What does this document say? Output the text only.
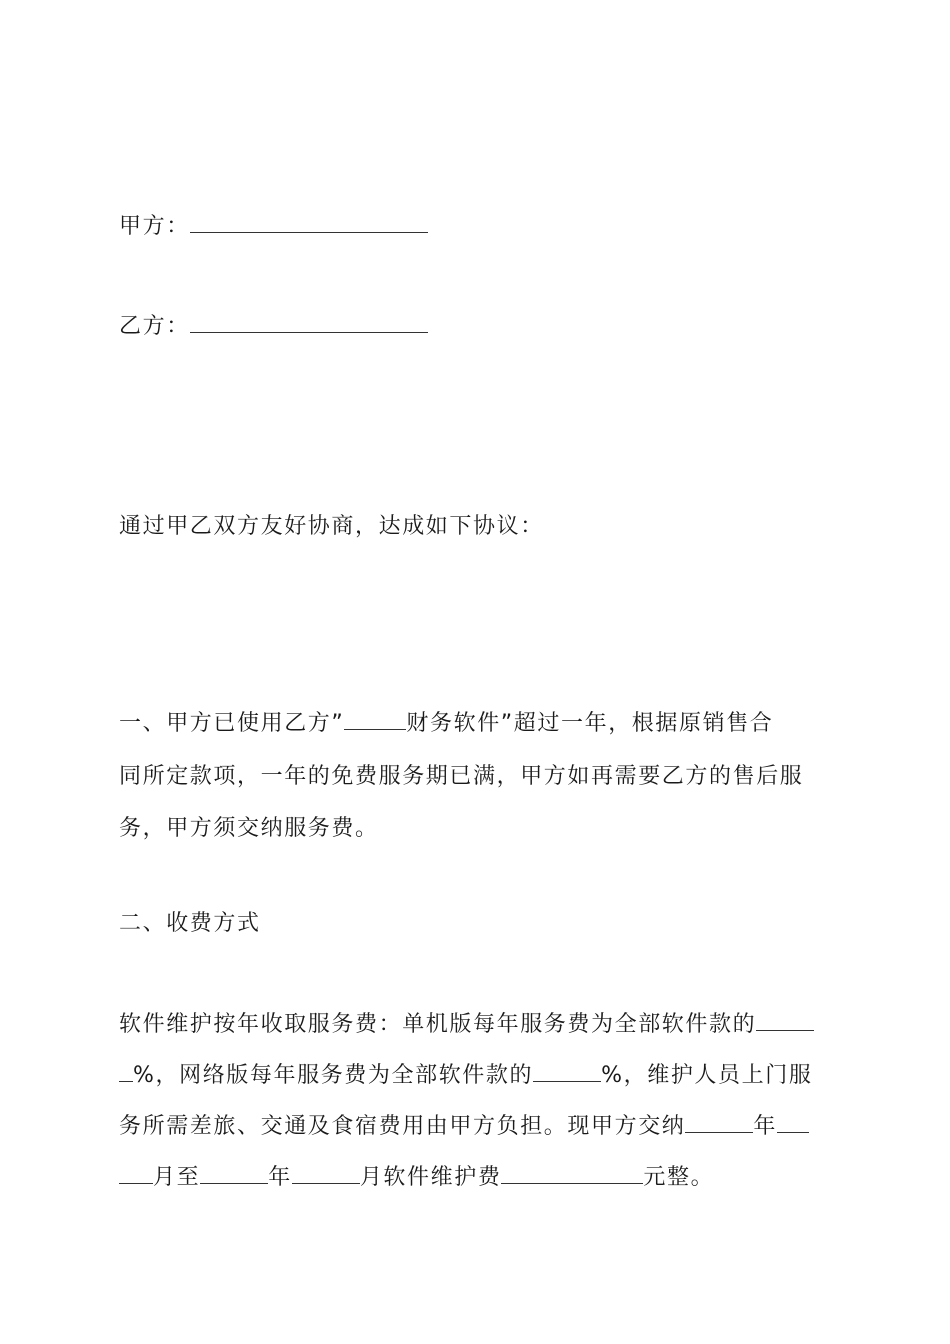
甲方：
乙方：
通过甲乙双方友好协商，达成如下协议：
一、甲方已使用乙方”	财务软件”超过一年，根据原销售合
同所定款项，一年的免费服务期已满，甲方如再需要乙方的售后服
务，甲方须交纳服务费。
二、收费方式
软件维护按年收取服务费：单机版每年服务费为全部软件款的
%，网络版每年服务费为全部软件款的	%，维护人员上门服
务所需差旅、交通及食宿费用由甲方负担。现甲方交纳	年
月至	年	月软件维护费	元整。
